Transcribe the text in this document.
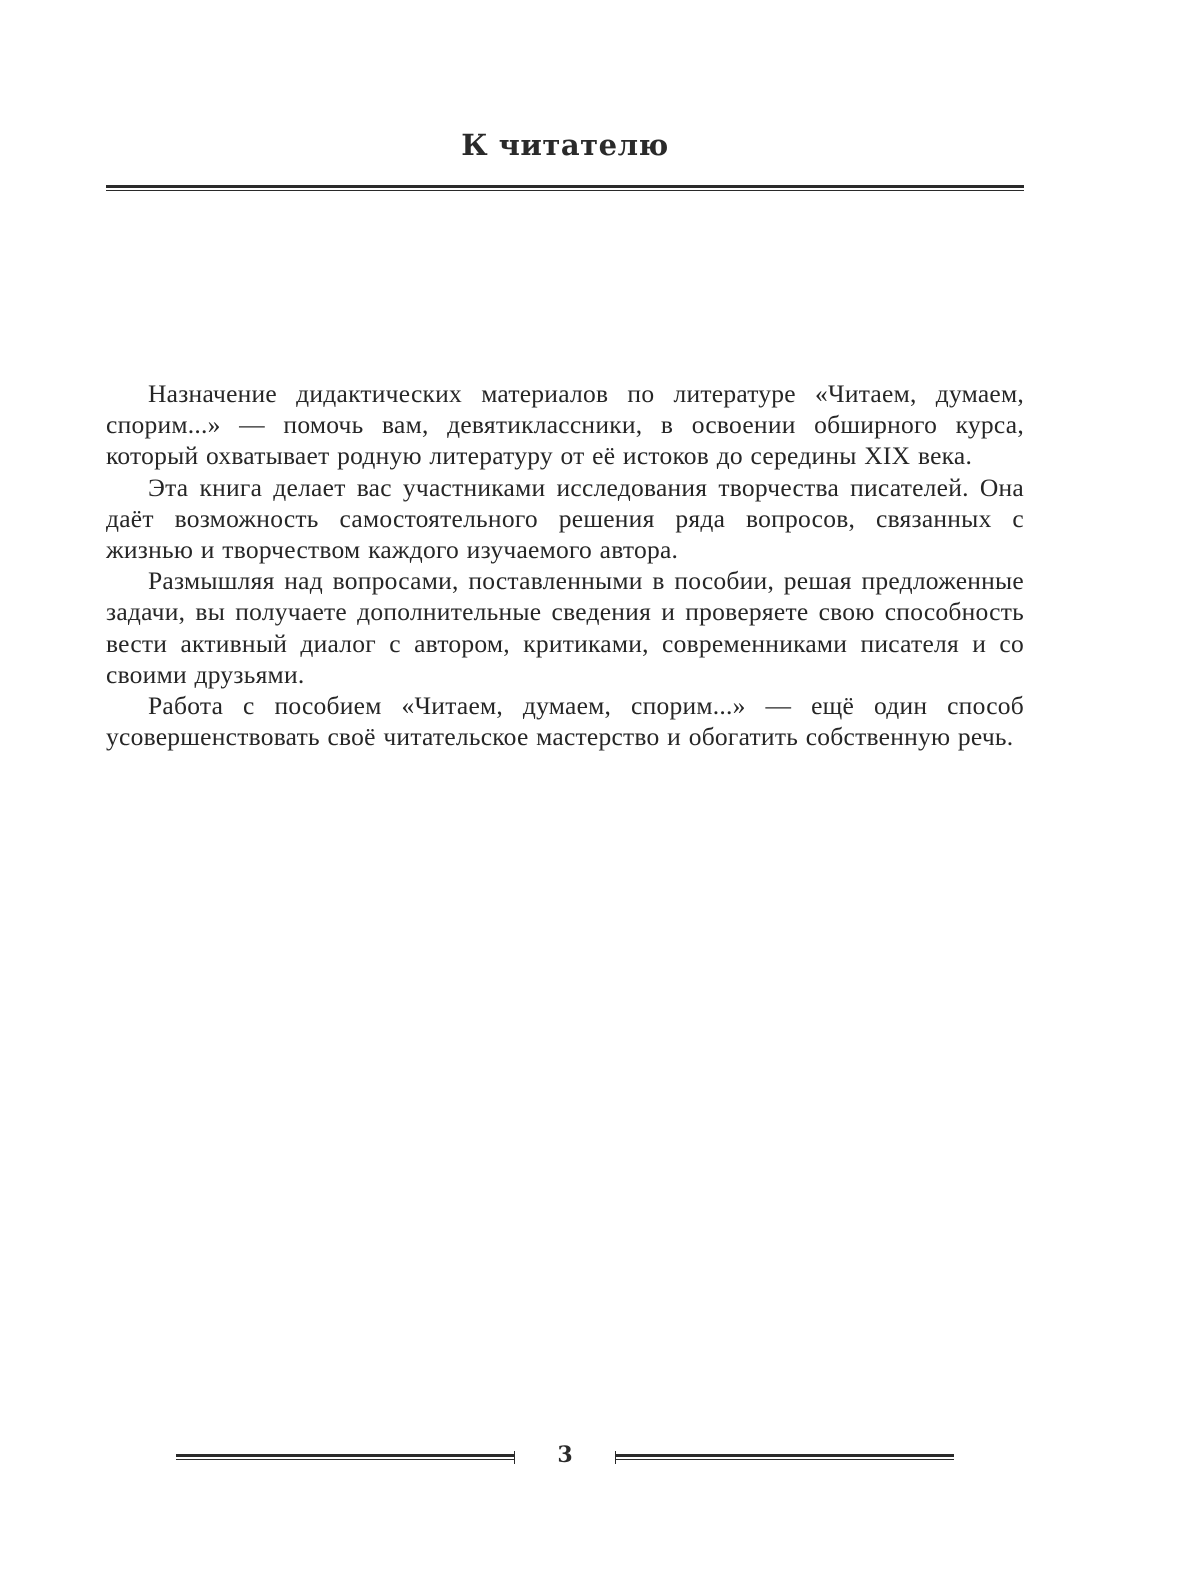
К читателю

Назначение дидактических материалов по литературе «Читаем, думаем, спорим...» — помочь вам, девятиклассники, в освоении обширного курса, который охватывает родную литературу от её истоков до середины XIX века.

Эта книга делает вас участниками исследования творчества писателей. Она даёт возможность самостоятельного решения ряда вопросов, связанных с жизнью и творчеством каждого изучаемого автора.

Размышляя над вопросами, поставленными в пособии, решая предложенные задачи, вы получаете дополнительные сведения и проверяете свою способность вести активный диалог с автором, критиками, современниками писателя и со своими друзьями.

Работа с пособием «Читаем, думаем, спорим...» — ещё один способ усовершенствовать своё читательское мастерство и обогатить собственную речь.

3
